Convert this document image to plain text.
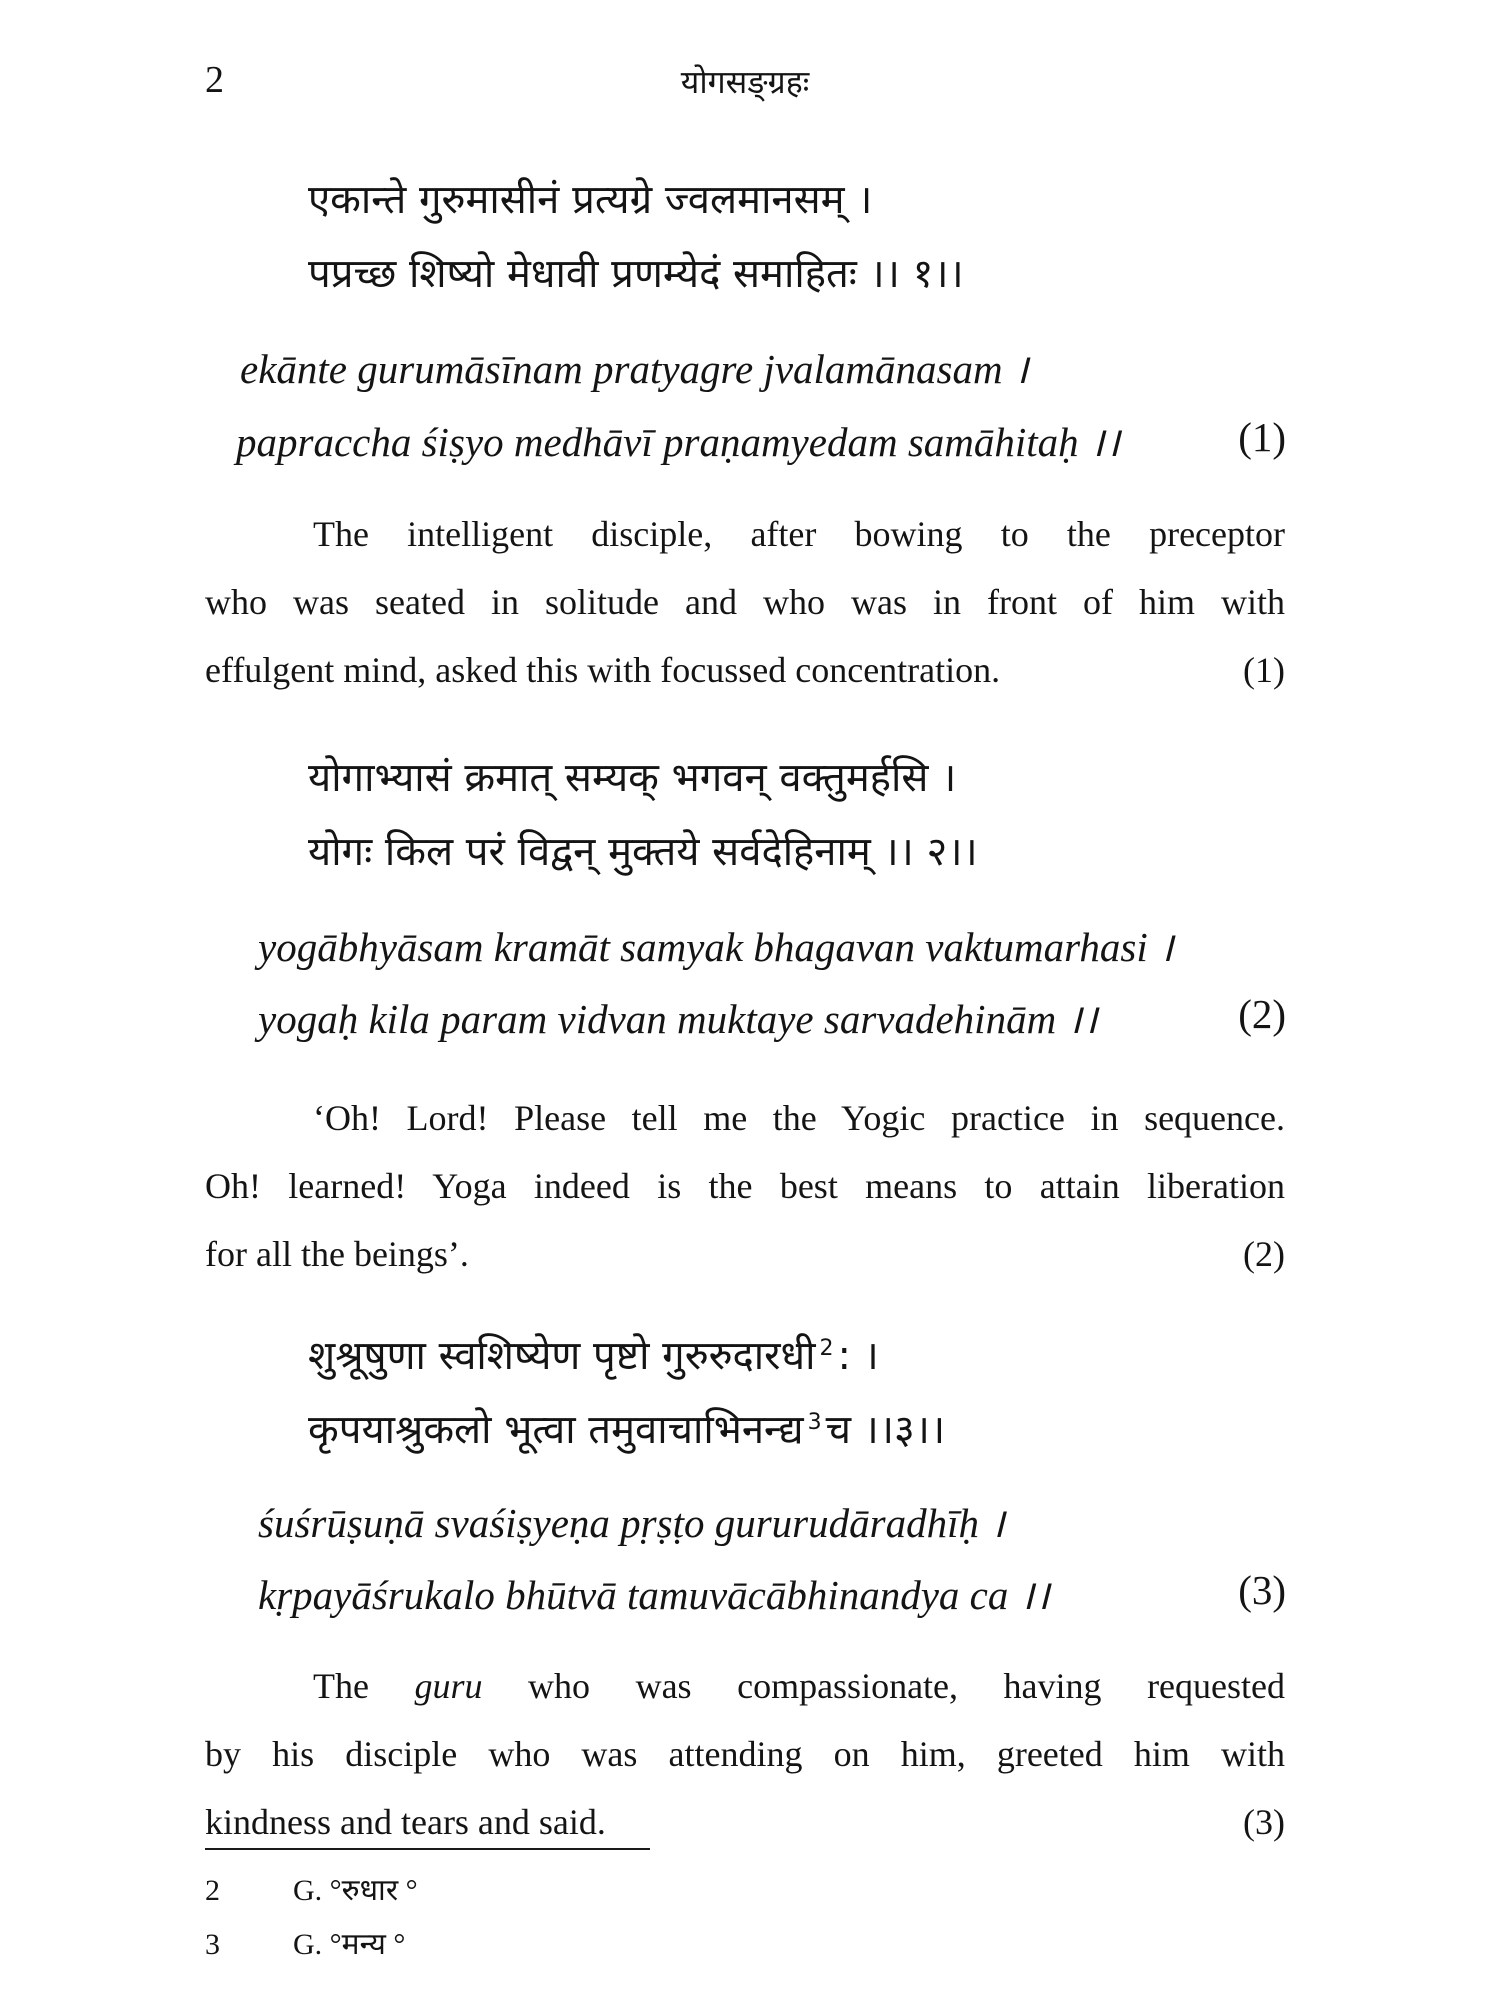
2	योगसङ्ग्रहः
एकान्ते गुरुमासीनं प्रत्यग्रे ज्वलमानसम् ।
पप्रच्छ शिष्यो मेधावी प्रणम्येदं समाहितः ।। १।।
ekānte gurumāsīnam pratyagre jvalamānasam ।
papraccha śiṣyo medhāvī praṇamyedam samāhitaḥ ।।	(1)
The intelligent disciple, after bowing to the preceptor
who was seated in solitude and who was in front of him with
effulgent mind, asked this with focussed concentration.	(1)
योगाभ्यासं क्रमात् सम्यक् भगवन् वक्तुमर्हसि ।
योगः किल परं विद्वन् मुक्तये सर्वदेहिनाम् ।। २।।
yogābhyāsam kramāt samyak bhagavan vaktumarhasi ।
yogaḥ kila param vidvan muktaye sarvadehinām ।।	(2)
‘Oh! Lord! Please tell me the Yogic practice in sequence.
Oh! learned! Yoga indeed is the best means to attain liberation
for all the beings’.	(2)
शुश्रूषुणा स्वशिष्येण पृष्टो गुरुरुदारधी $^2$ : ।
कृपयाश्रुकलो भूत्वा तमुवाचाभिनन्द्य $^3$ च ।।३।।
śuśrūṣuṇā svaśiṣyeṇa pṛṣṭo gururudāradhīḥ ।
kṛpayāśrukalo bhūtvā tamuvācābhinandya ca ।।	(3)
The guru who was compassionate, having requested
by his disciple who was attending on him, greeted him with
kindness and tears and said.	(3)
2 G. °रुधार °
3 G. °मन्य °
